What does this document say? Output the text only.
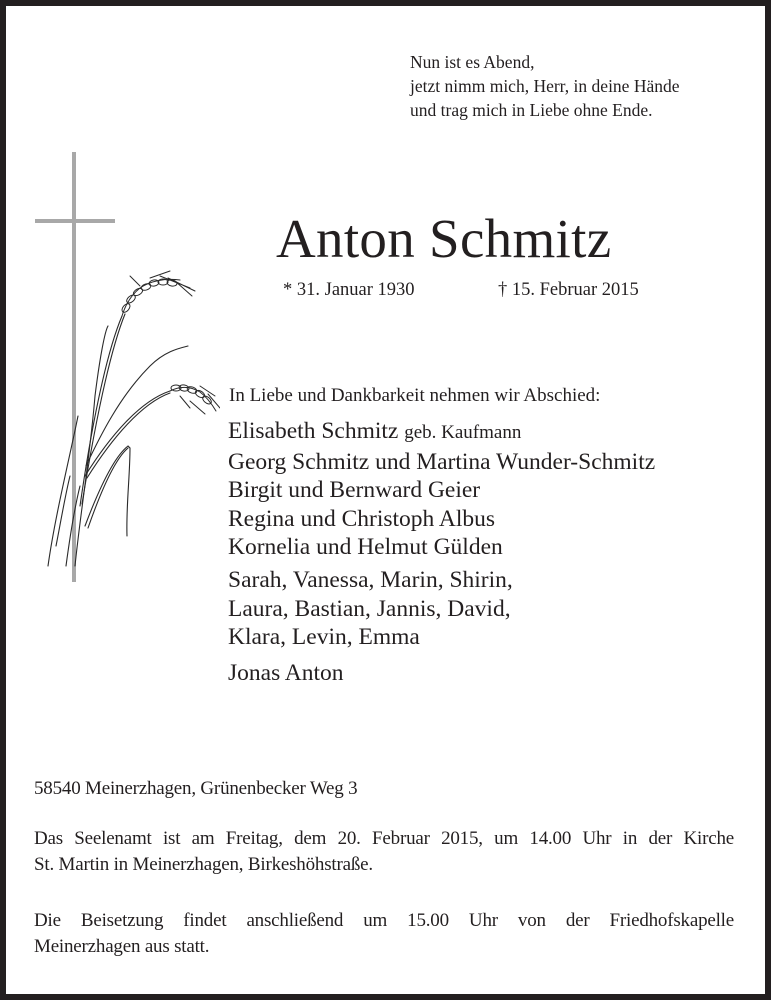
Nun ist es Abend,
jetzt nimm mich, Herr, in deine Hände
und trag mich in Liebe ohne Ende.
Anton Schmitz
* 31. Januar 1930	† 15. Februar 2015
In Liebe und Dankbarkeit nehmen wir Abschied:
Elisabeth Schmitz geb. Kaufmann
Georg Schmitz und Martina Wunder-Schmitz
Birgit und Bernward Geier
Regina und Christoph Albus
Kornelia und Helmut Gülden
Sarah, Vanessa, Marin, Shirin,
Laura, Bastian, Jannis, David,
Klara, Levin, Emma
Jonas Anton
58540 Meinerzhagen, Grünenbecker Weg 3
Das Seelenamt ist am Freitag, dem 20. Februar 2015, um 14.00 Uhr in der Kirche
St. Martin in Meinerzhagen, Birkeshöhstraße.
Die Beisetzung findet anschließend um 15.00 Uhr von der Friedhofskapelle
Meinerzhagen aus statt.
